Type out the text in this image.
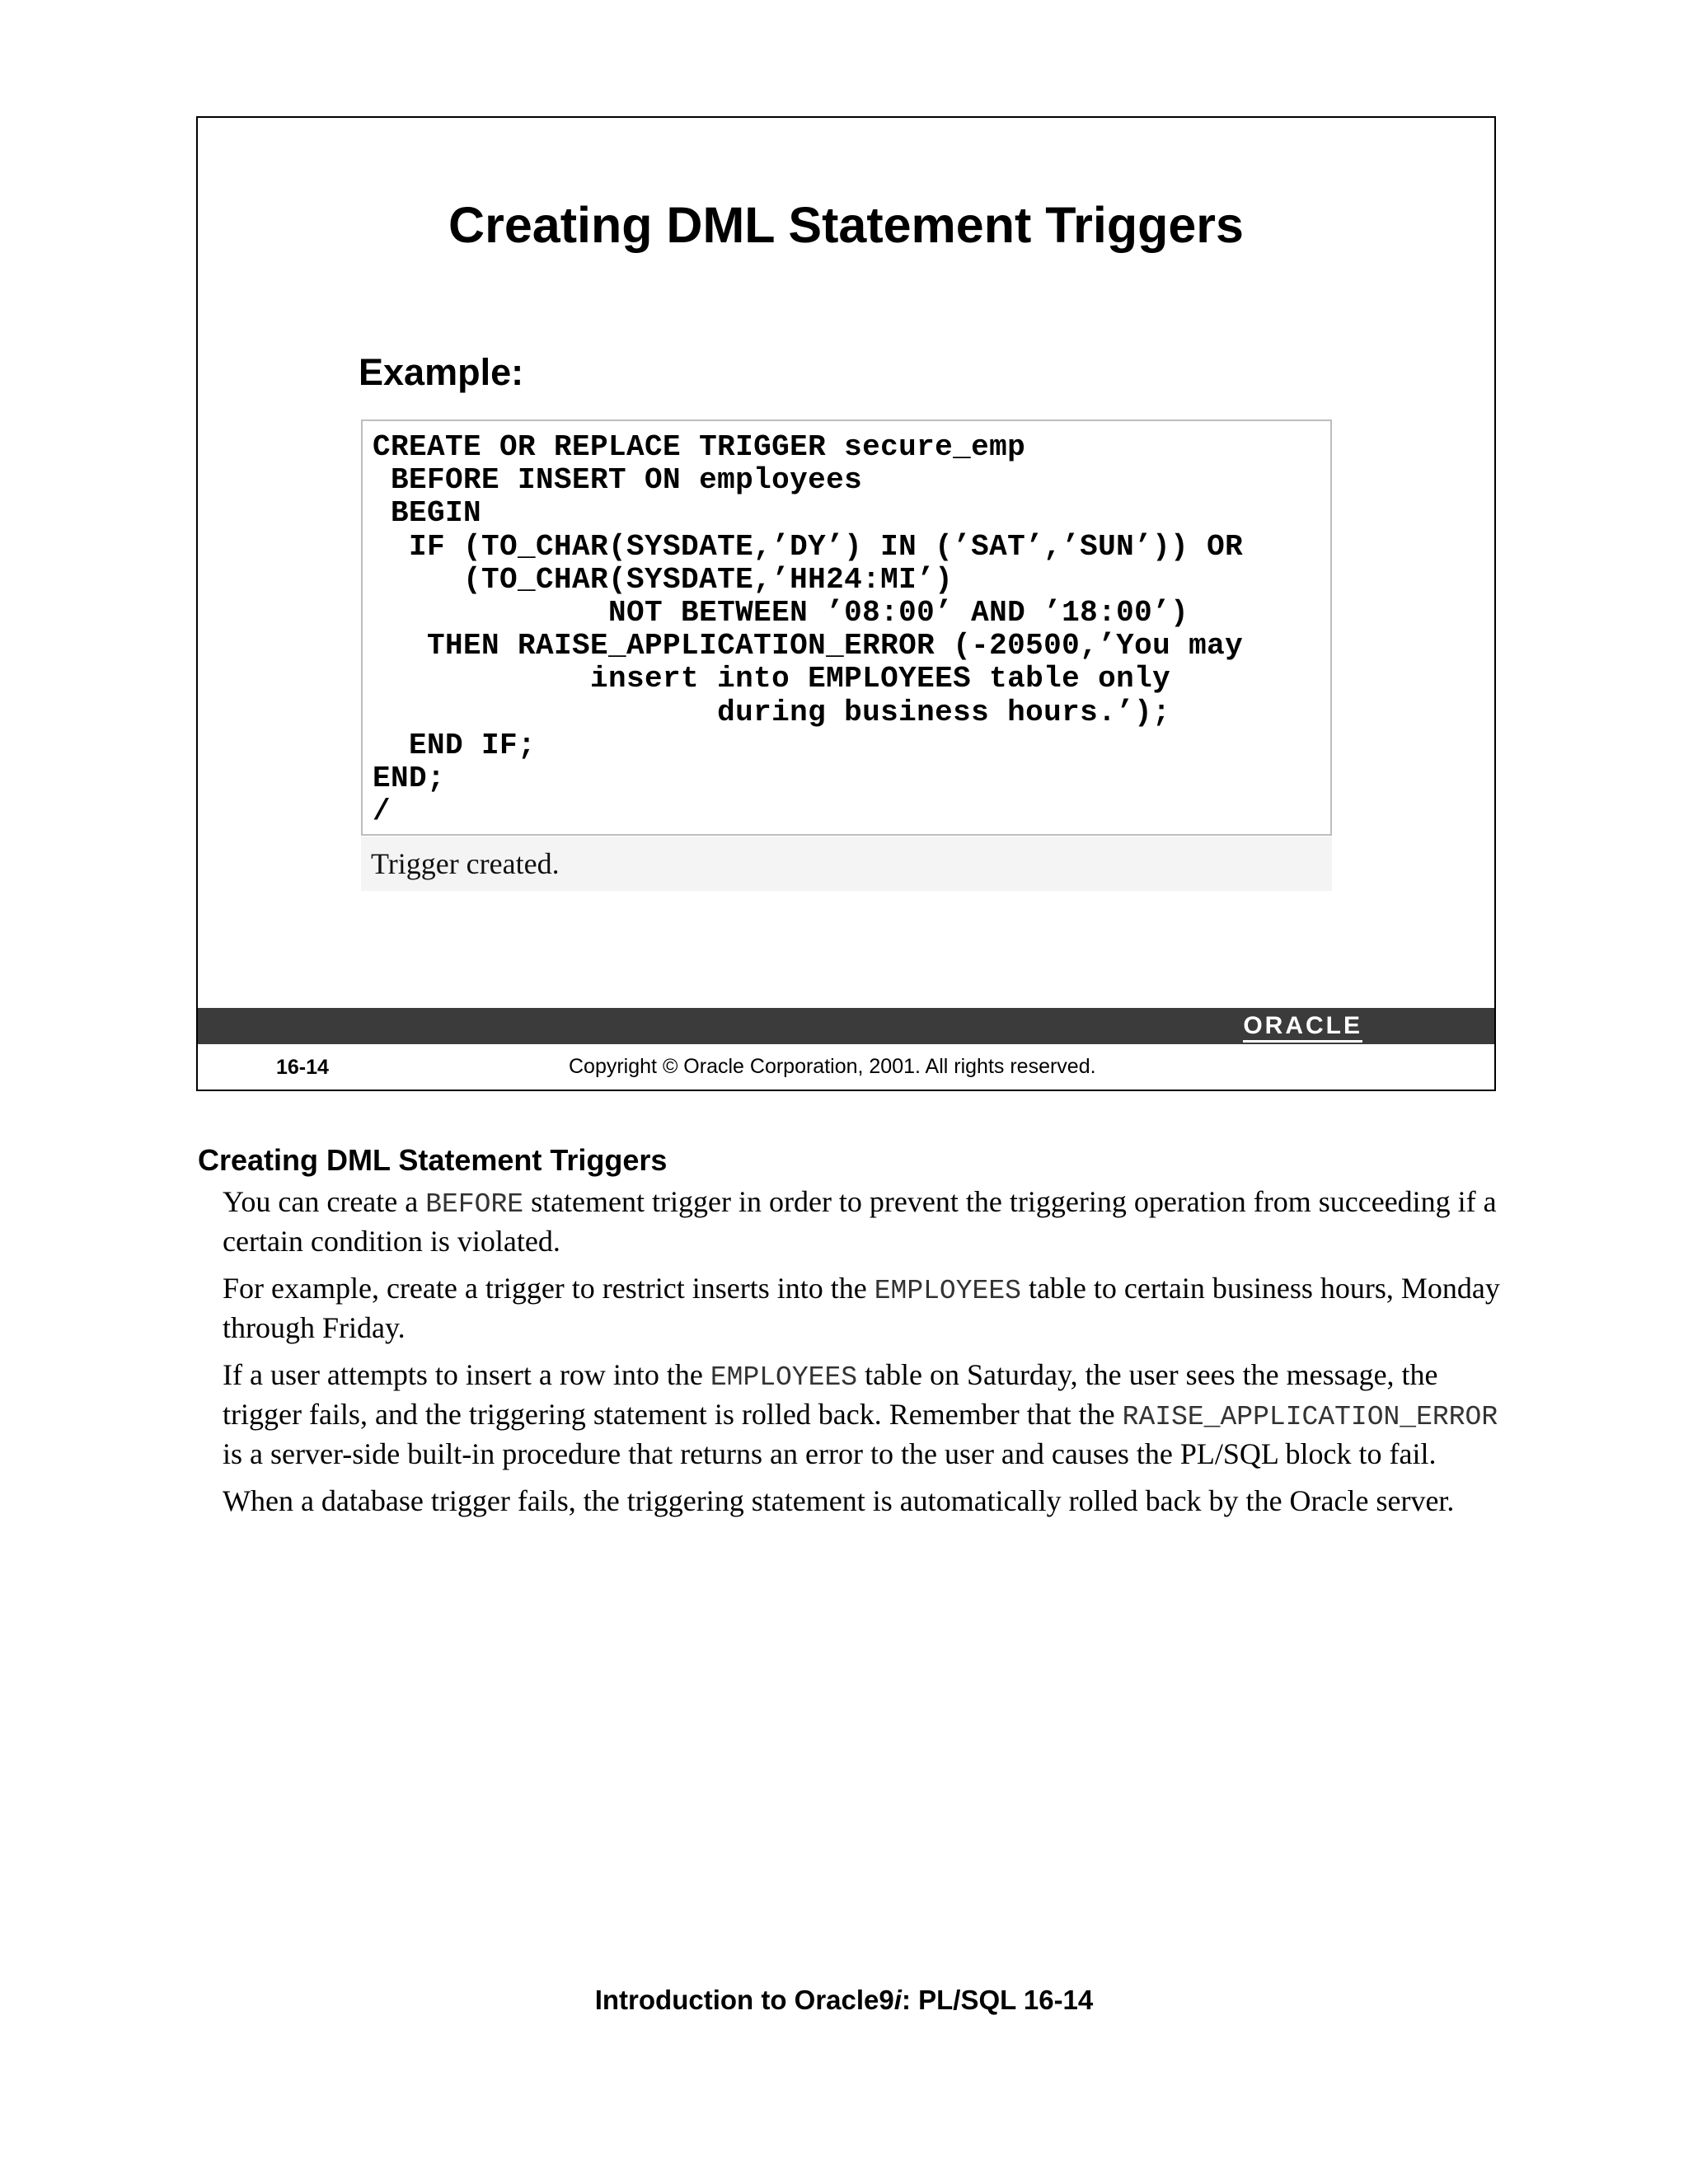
Creating DML Statement Triggers
Example:
CREATE OR REPLACE TRIGGER secure_emp
BEFORE INSERT ON employees
BEGIN
IF (TO_CHAR(SYSDATE,’DY’) IN (’SAT’,’SUN’)) OR
(TO_CHAR(SYSDATE,’HH24:MI’)
NOT BETWEEN ’08:00’ AND ’18:00’)
THEN RAISE_APPLICATION_ERROR (-20500,’You may
insert into EMPLOYEES table only
during business hours.’);
END IF;
END;
/
Trigger created.
ORACLE
16-14	Copyright © Oracle Corporation, 2001. All rights reserved.
Creating DML Statement Triggers

You can create a BEFORE statement trigger in order to prevent the triggering operation from succeeding if a certain condition is violated.

For example, create a trigger to restrict inserts into the EMPLOYEES table to certain business hours, Monday through Friday.

If a user attempts to insert a row into the EMPLOYEES table on Saturday, the user sees the message, the trigger fails, and the triggering statement is rolled back. Remember that the RAISE_APPLICATION_ERROR is a server-side built-in procedure that returns an error to the user and causes the PL/SQL block to fail.

When a database trigger fails, the triggering statement is automatically rolled back by the Oracle server.

Introduction to Oracle9i: PL/SQL 16-14
